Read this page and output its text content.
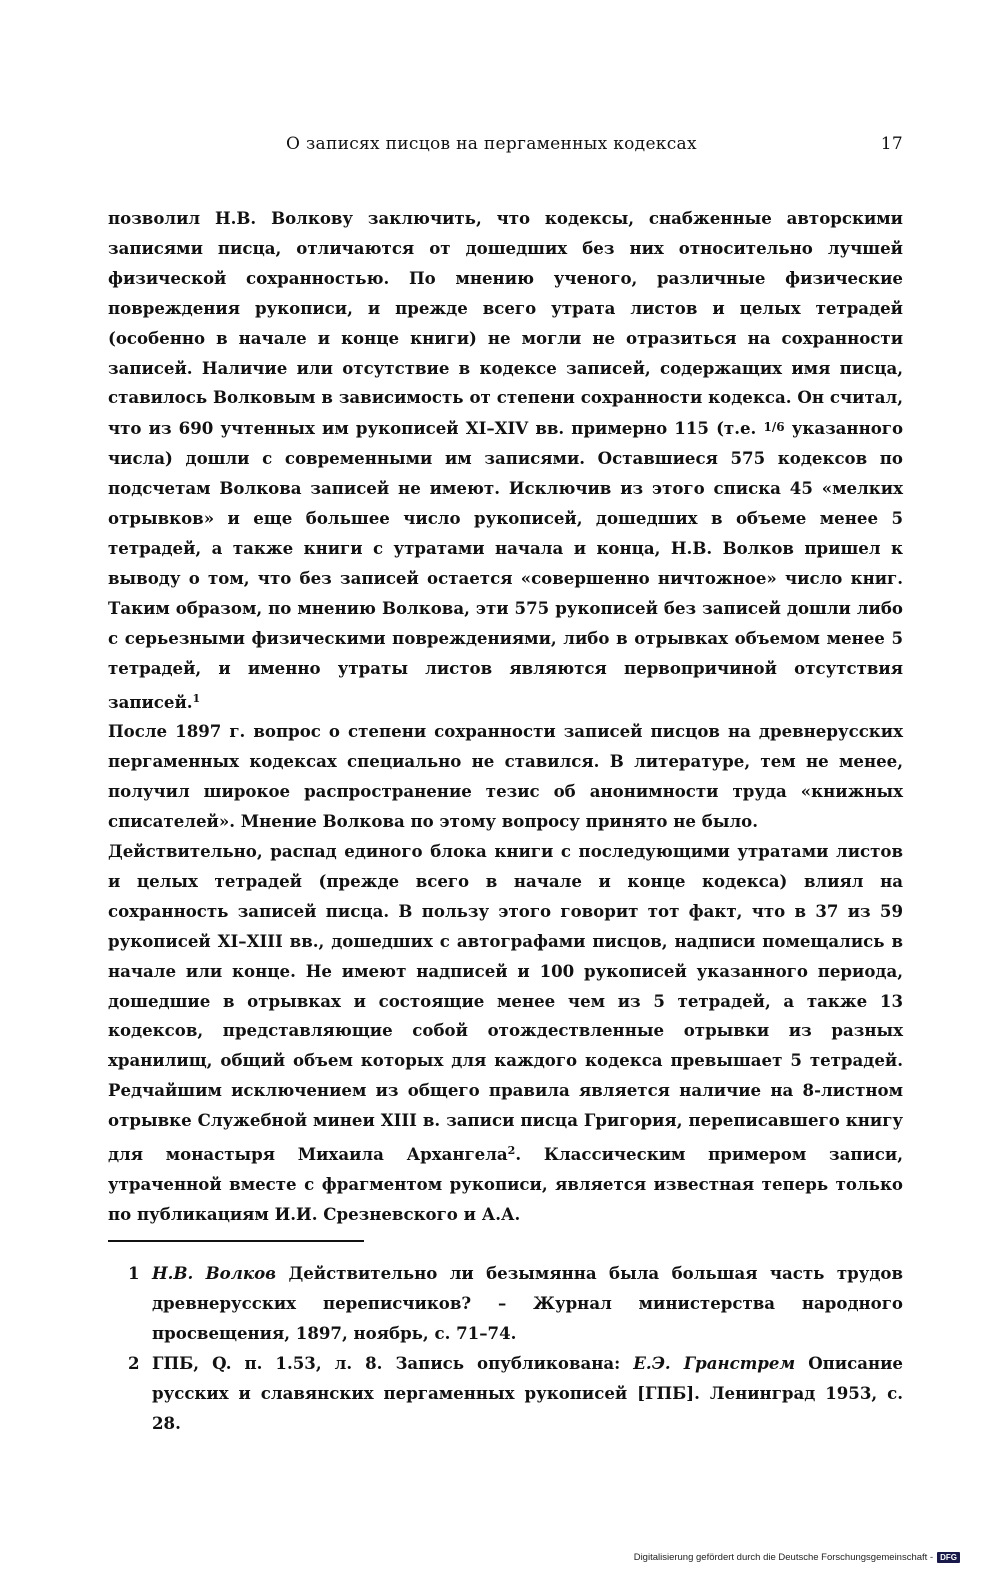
О записях писцов на пергаменных кодексах	17

позволил Н.В. Волкову заключить, что кодексы, снабженные авторскими записями писца, отличаются от дошедших без них относительно лучшей физической сохранностью. По мнению ученого, различные физические повреждения рукописи, и прежде всего утрата листов и целых тетрадей (особенно в начале и конце книги) не могли не отразиться на сохранности записей. Наличие или отсутствие в кодексе записей, содержащих имя писца, ставилось Волковым в зависимость от степени сохранности кодекса. Он считал, что из 690 учтенных им рукописей XI–XIV вв. примерно 115 (т.е. 1/6 указанного числа) дошли с современными им записями. Оставшиеся 575 кодексов по подсчетам Волкова записей не имеют. Исключив из этого списка 45 «мелких отрывков» и еще большее число рукописей, дошедших в объеме менее 5 тетрадей, а также книги с утратами начала и конца, Н.В. Волков пришел к выводу о том, что без записей остается «совершенно ничтожное» число книг. Таким образом, по мнению Волкова, эти 575 рукописей без записей дошли либо с серьезными физическими повреждениями, либо в отрывках объемом менее 5 тетрадей, и именно утраты листов являются первопричиной отсутствия записей.$^1$

После 1897 г. вопрос о степени сохранности записей писцов на древнерусских пергаменных кодексах специально не ставился. В литературе, тем не менее, получил широкое распространение тезис об анонимности труда «книжных списателей». Мнение Волкова по этому вопросу принято не было.

Действительно, распад единого блока книги с последующими утратами листов и целых тетрадей (прежде всего в начале и конце кодекса) влиял на сохранность записей писца. В пользу этого говорит тот факт, что в 37 из 59 рукописей XI–XIII вв., дошедших с автографами писцов, надписи помещались в начале или конце. Не имеют надписей и 100 рукописей указанного периода, дошедшие в отрывках и состоящие менее чем из 5 тетрадей, а также 13 кодексов, представляющие собой отождествленные отрывки из разных хранилищ, общий объем которых для каждого кодекса превышает 5 тетрадей. Редчайшим исключением из общего правила является наличие на 8-листном отрывке Служебной минеи XIII в. записи писца Григория, переписавшего книгу для монастыря Михаила Архангела$^2$. Классическим примером записи, утраченной вместе с фрагментом рукописи, является известная теперь только по публикациям И.И. Срезневского и А.А.

1 Н.В. Волков Действительно ли безымянна была большая часть трудов древнерусских переписчиков? – Журнал министерства народного просвещения, 1897, ноябрь, с. 71–74.

2 ГПБ, Q. п. 1.53, л. 8. Запись опубликована: Е.Э. Гранстрем Описание русских и славянских пергаменных рукописей [ГПБ]. Ленинград 1953, с. 28.

Digitalisierung gefördert durch die Deutsche Forschungsgemeinschaft - DFG
